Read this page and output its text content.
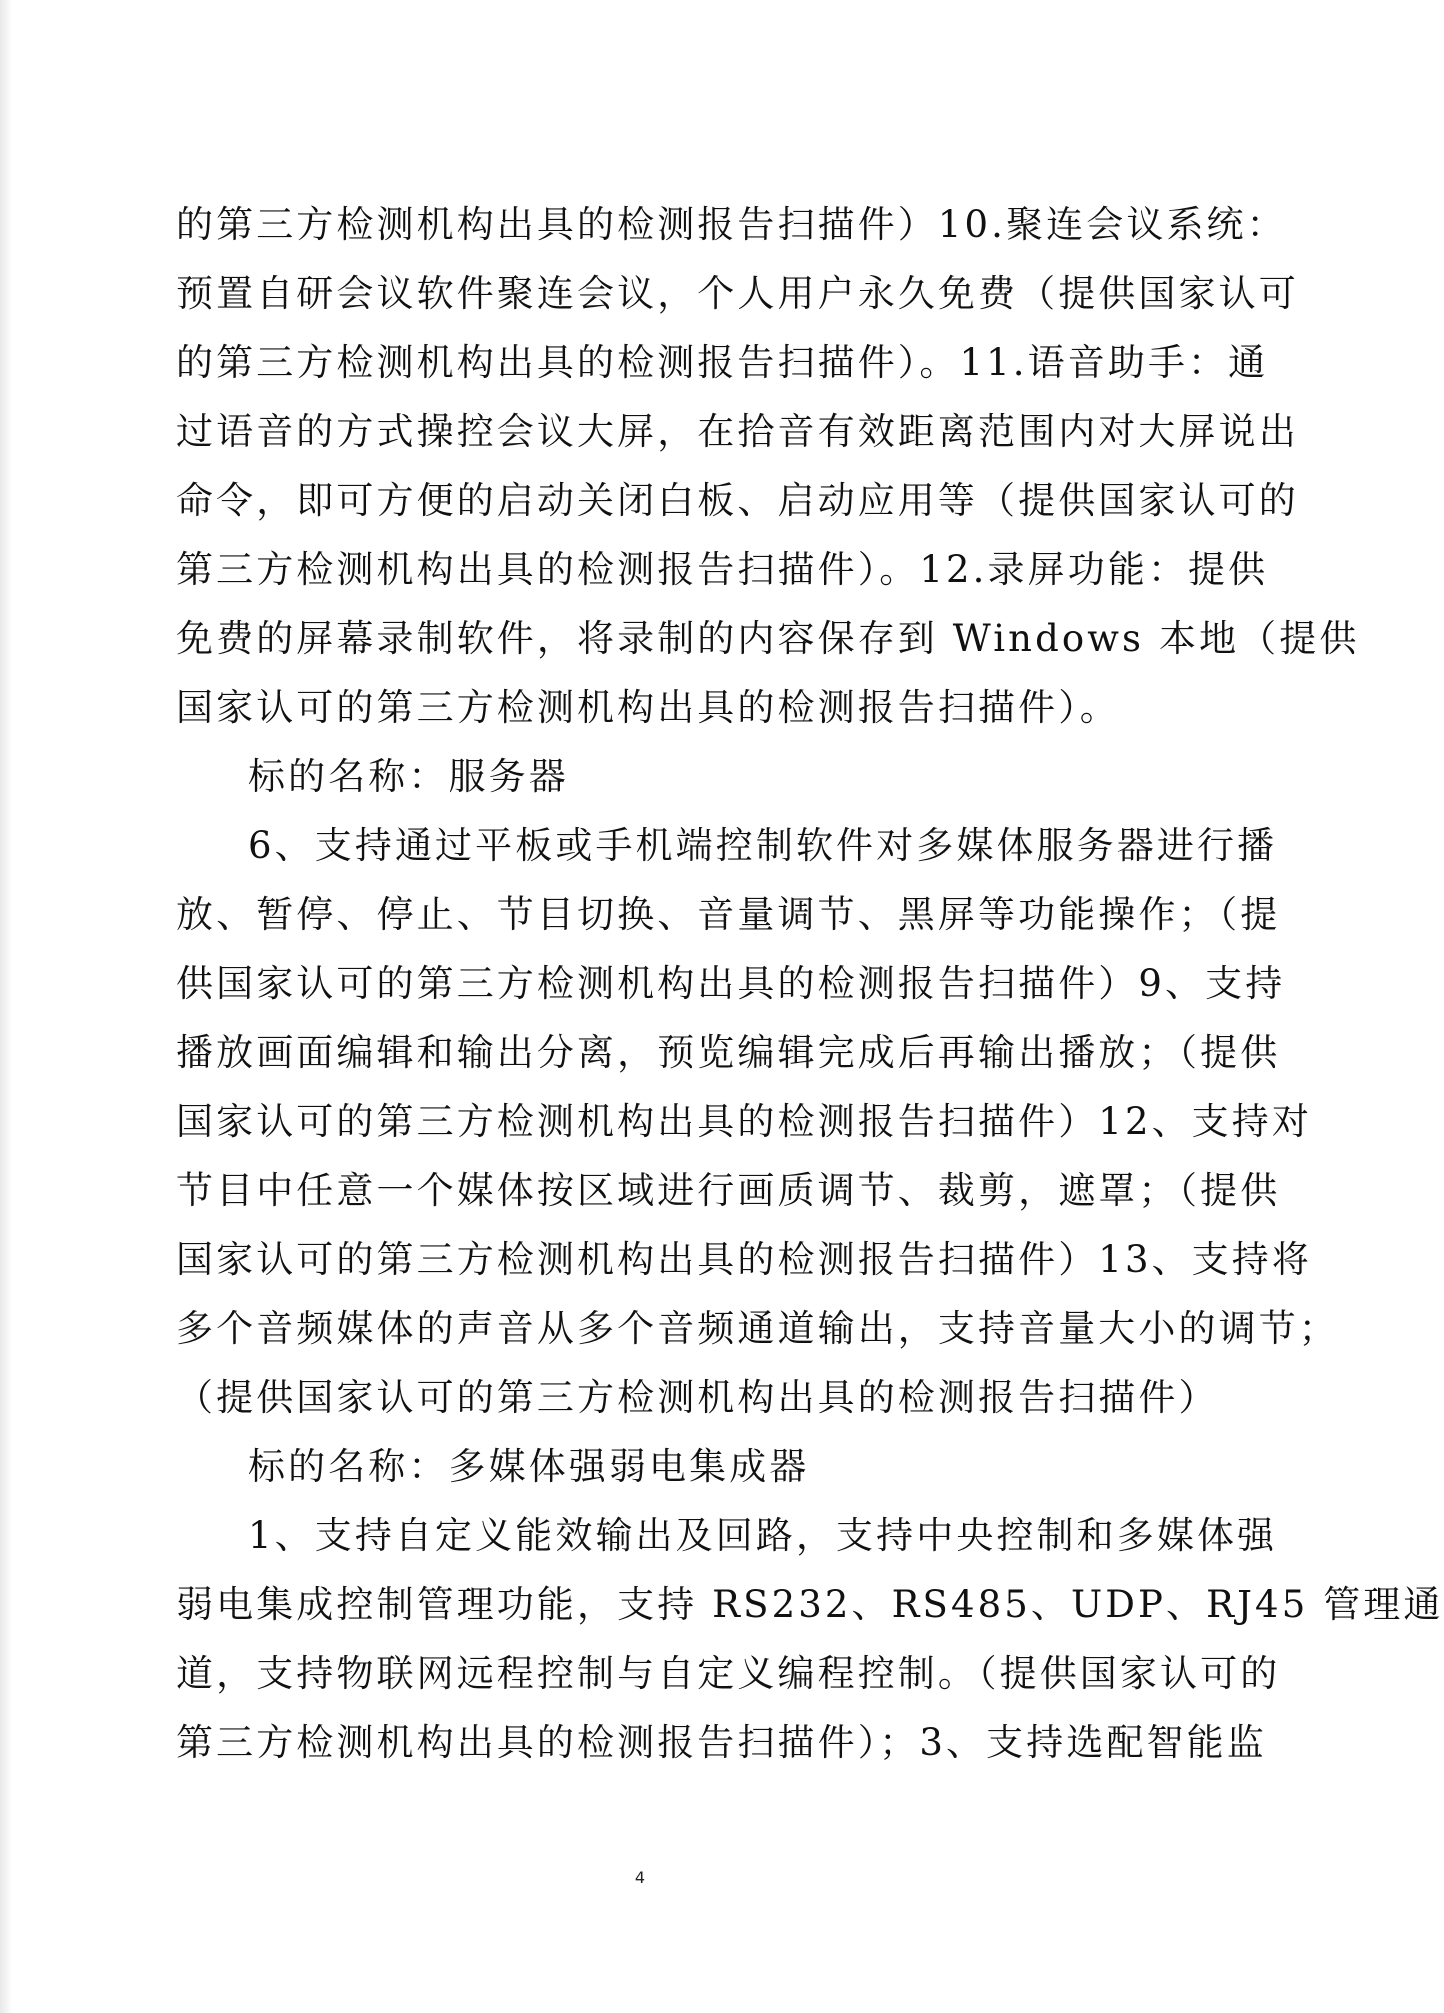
的第三方检测机构出具的检测报告扫描件）10.聚连会议系统：
预置自研会议软件聚连会议，个人用户永久免费（提供国家认可
的第三方检测机构出具的检测报告扫描件）。11.语音助手：通
过语音的方式操控会议大屏，在拾音有效距离范围内对大屏说出
命令，即可方便的启动关闭白板、启动应用等（提供国家认可的
第三方检测机构出具的检测报告扫描件）。12.录屏功能：提供
免费的屏幕录制软件，将录制的内容保存到 Windows 本地（提供
国家认可的第三方检测机构出具的检测报告扫描件）。
标的名称：服务器
6、支持通过平板或手机端控制软件对多媒体服务器进行播
放、暂停、停止、节目切换、音量调节、黑屏等功能操作；（提
供国家认可的第三方检测机构出具的检测报告扫描件）9、支持
播放画面编辑和输出分离，预览编辑完成后再输出播放；（提供
国家认可的第三方检测机构出具的检测报告扫描件）12、支持对
节目中任意一个媒体按区域进行画质调节、裁剪，遮罩；（提供
国家认可的第三方检测机构出具的检测报告扫描件）13、支持将
多个音频媒体的声音从多个音频通道输出，支持音量大小的调节；
（提供国家认可的第三方检测机构出具的检测报告扫描件）
标的名称：多媒体强弱电集成器
1、支持自定义能效输出及回路，支持中央控制和多媒体强
弱电集成控制管理功能，支持 RS232、RS485、UDP、RJ45 管理通
道，支持物联网远程控制与自定义编程控制。（提供国家认可的
第三方检测机构出具的检测报告扫描件）；3、支持选配智能监
4
